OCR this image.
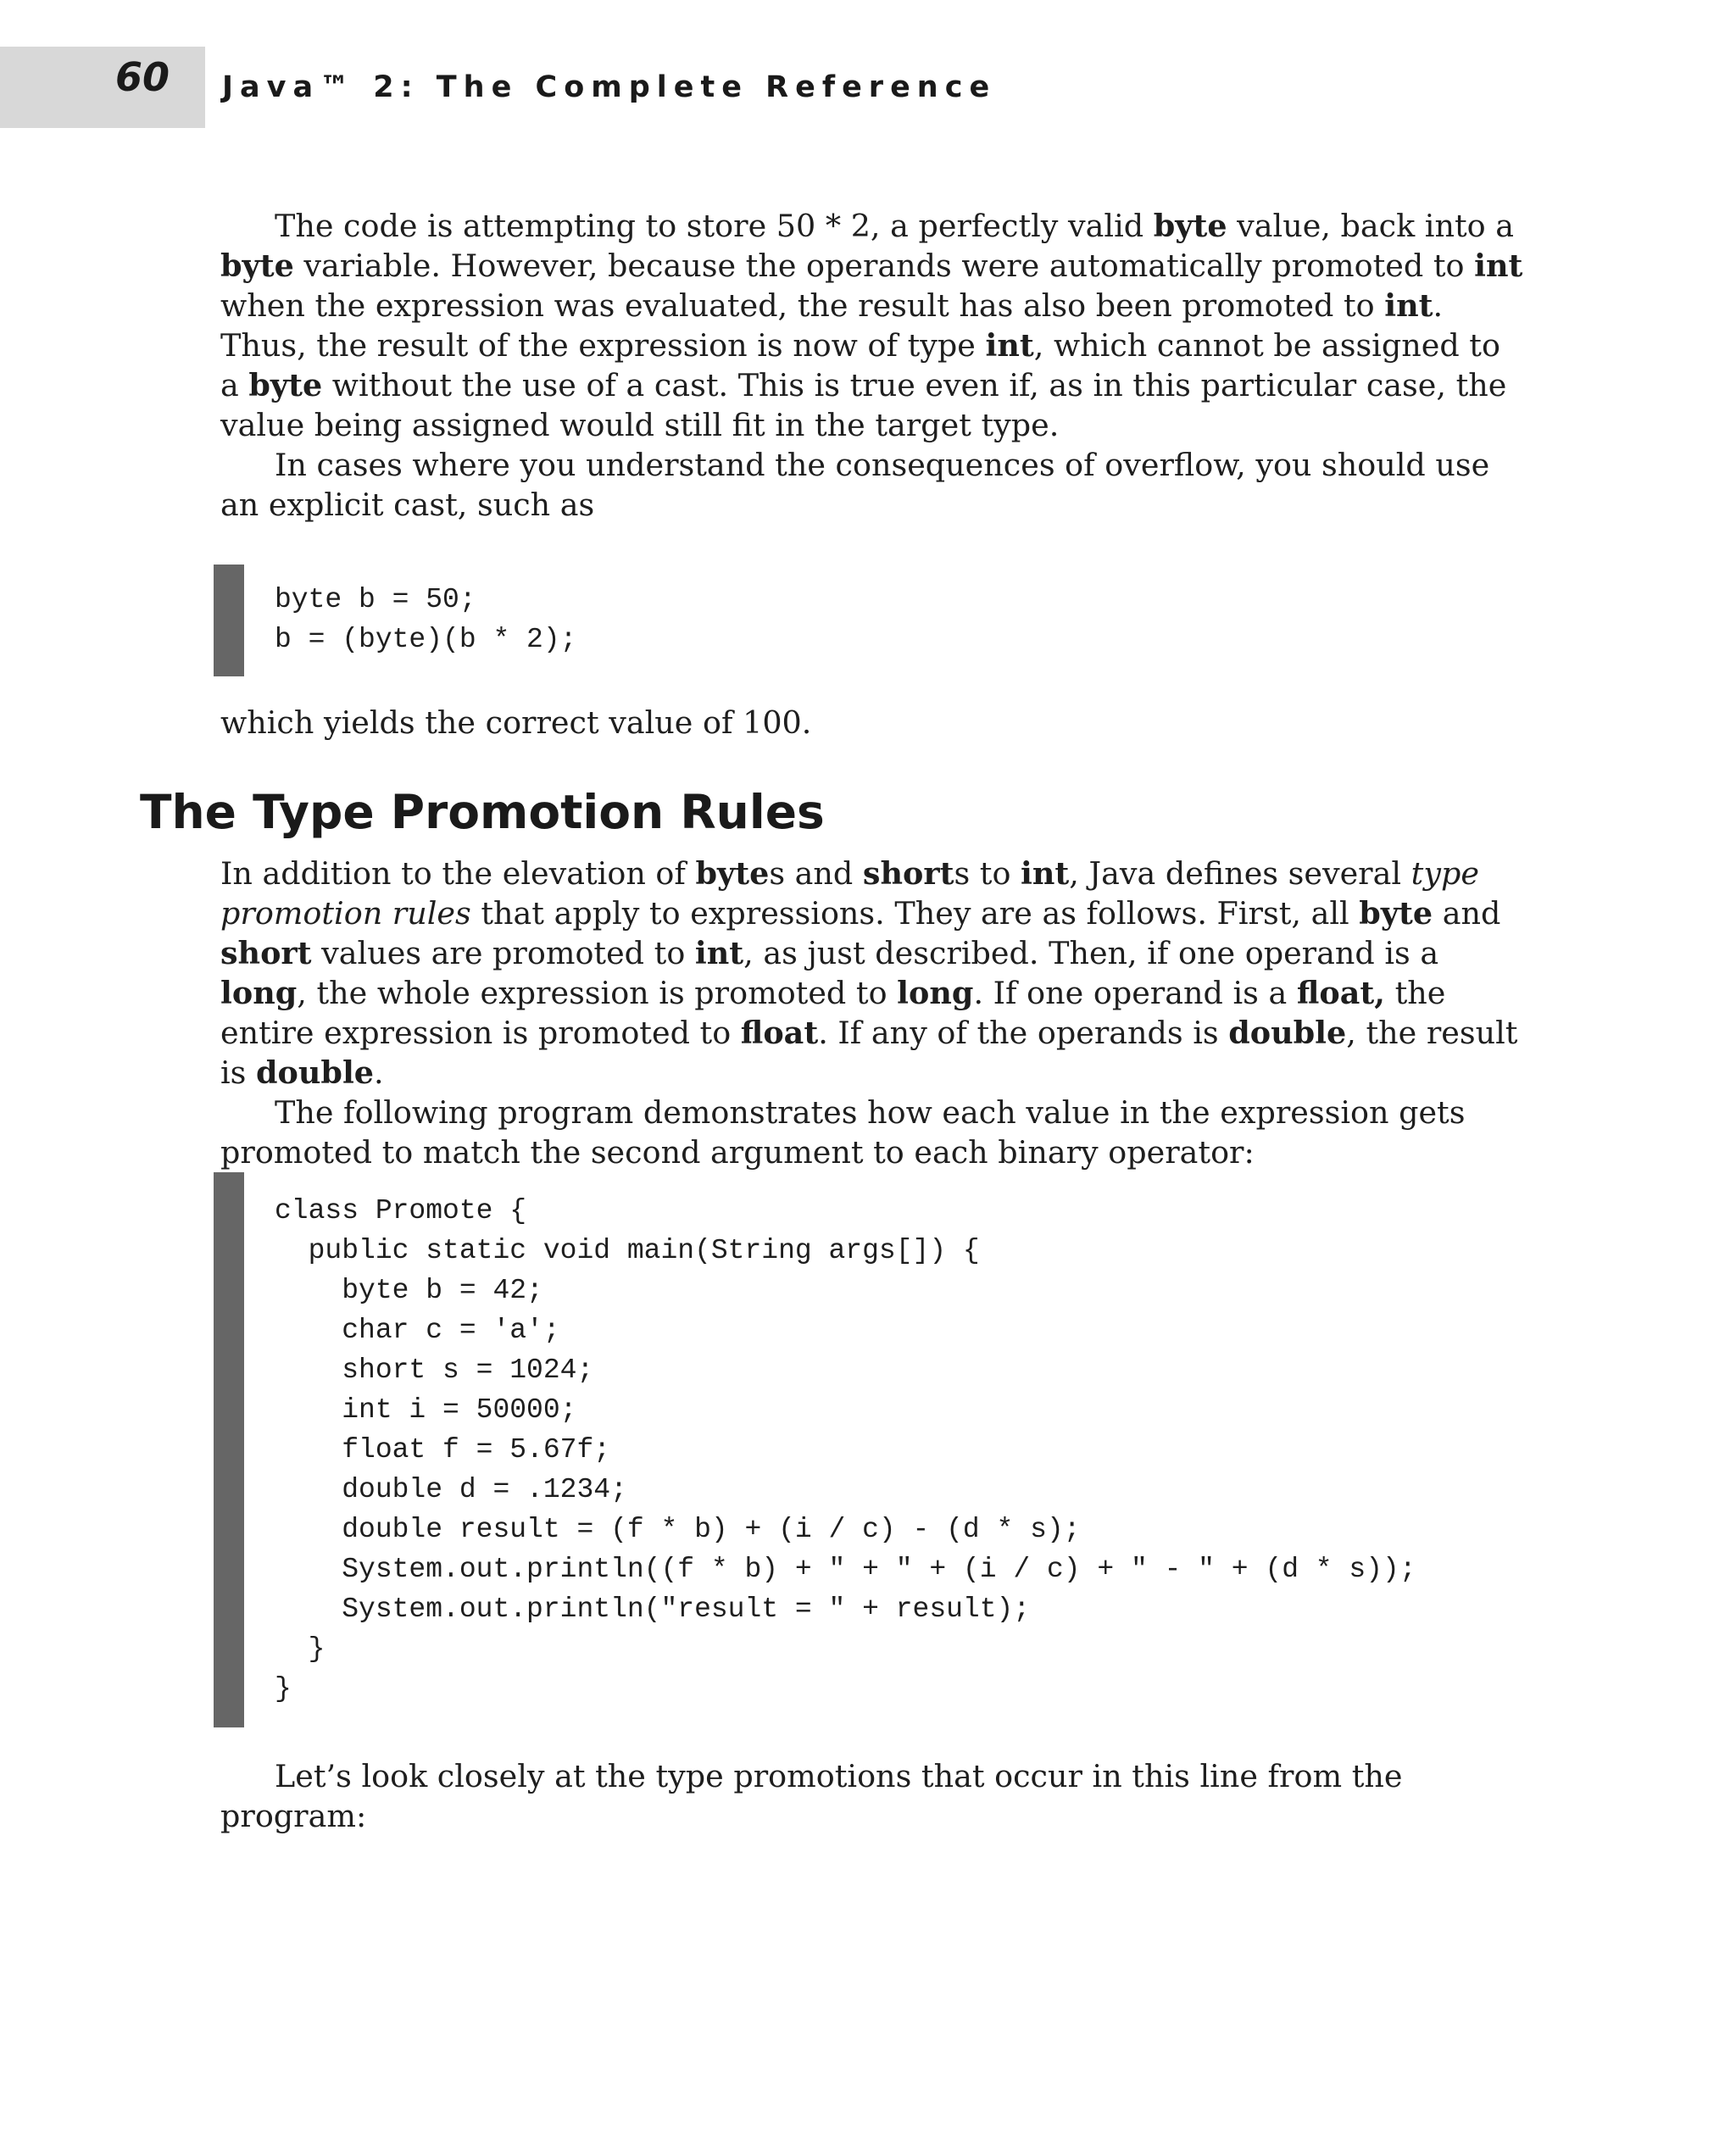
60 Java™ 2: The Complete Reference

The code is attempting to store 50 * 2, a perfectly valid byte value, back into a byte variable. However, because the operands were automatically promoted to int when the expression was evaluated, the result has also been promoted to int. Thus, the result of the expression is now of type int, which cannot be assigned to a byte without the use of a cast. This is true even if, as in this particular case, the value being assigned would still fit in the target type.

In cases where you understand the consequences of overflow, you should use an explicit cast, such as

byte b = 50;
b = (byte)(b * 2);

which yields the correct value of 100.

The Type Promotion Rules

In addition to the elevation of bytes and shorts to int, Java defines several type promotion rules that apply to expressions. They are as follows. First, all byte and short values are promoted to int, as just described. Then, if one operand is a long, the whole expression is promoted to long. If one operand is a float, the entire expression is promoted to float. If any of the operands is double, the result is double.

The following program demonstrates how each value in the expression gets promoted to match the second argument to each binary operator:

class Promote {
public static void main(String args[]) {
byte b = 42;
char c = 'a';
short s = 1024;
int i = 50000;
float f = 5.67f;
double d = .1234;
double result = (f * b) + (i / c) - (d * s);
System.out.println((f * b) + " + " + (i / c) + " - " + (d * s));
System.out.println("result = " + result);
}
}

Let’s look closely at the type promotions that occur in this line from the program:
